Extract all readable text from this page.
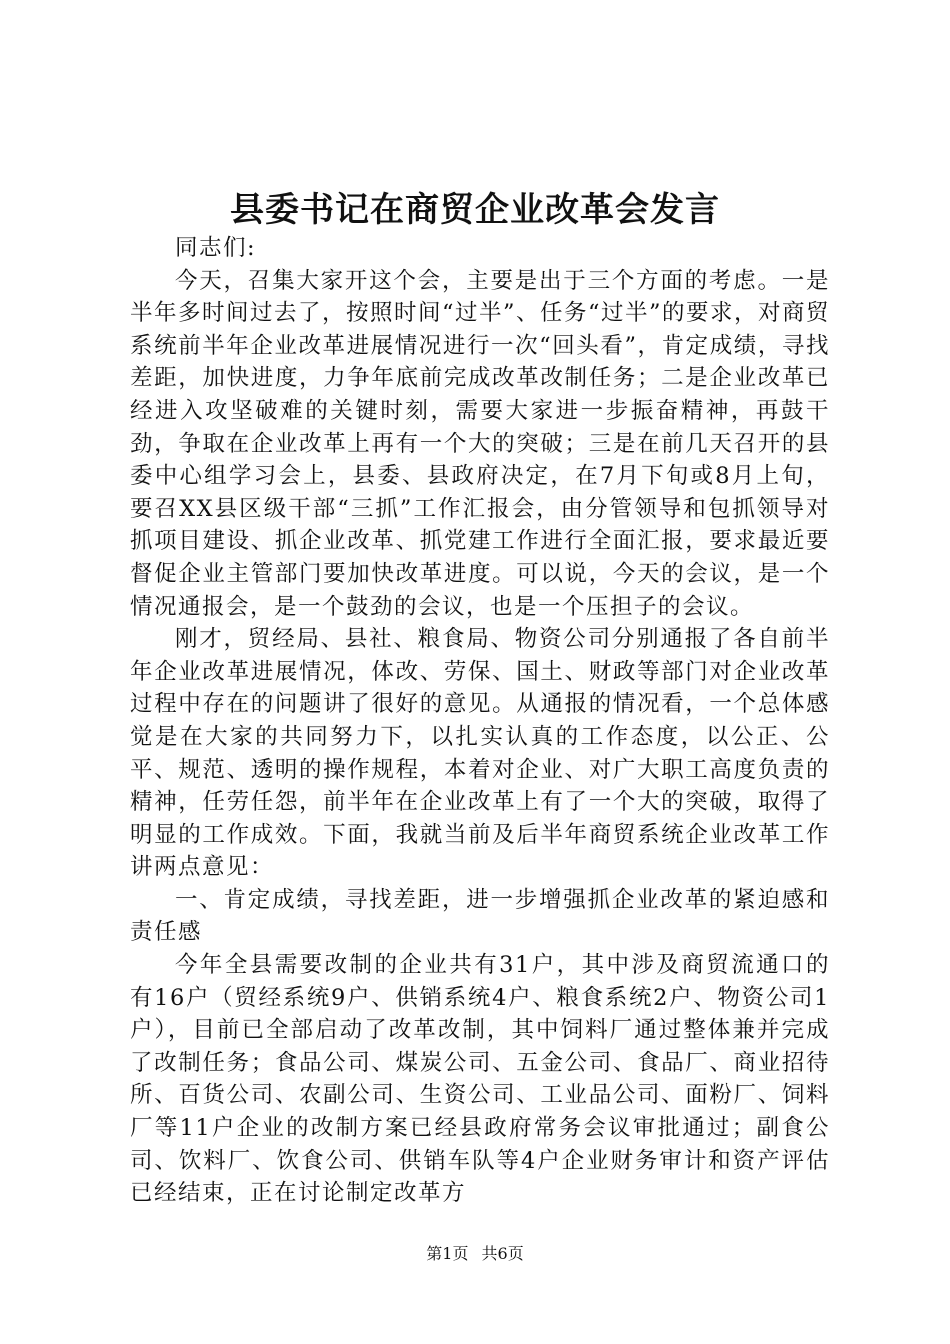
县委书记在商贸企业改革会发言

同志们:

今天，召集大家开这个会，主要是出于三个方面的考虑。一是半年多时间过去了，按照时间“过半”、任务“过半”的要求，对商贸系统前半年企业改革进展情况进行一次“回头看”，肯定成绩，寻找差距，加快进度，力争年底前完成改革改制任务；二是企业改革已经进入攻坚破难的关键时刻，需要大家进一步振奋精神，再鼓干劲，争取在企业改革上再有一个大的突破；三是在前几天召开的县委中心组学习会上，县委、县政府决定，在7月下旬或8月上旬，要召XX县区级干部“三抓”工作汇报会，由分管领导和包抓领导对抓项目建设、抓企业改革、抓党建工作进行全面汇报，要求最近要督促企业主管部门要加快改革进度。可以说，今天的会议，是一个情况通报会，是一个鼓劲的会议，也是一个压担子的会议。

刚才，贸经局、县社、粮食局、物资公司分别通报了各自前半年企业改革进展情况，体改、劳保、国土、财政等部门对企业改革过程中存在的问题讲了很好的意见。从通报的情况看，一个总体感觉是在大家的共同努力下，以扎实认真的工作态度，以公正、公平、规范、透明的操作规程，本着对企业、对广大职工高度负责的精神，任劳任怨，前半年在企业改革上有了一个大的突破，取得了明显的工作成效。下面，我就当前及后半年商贸系统企业改革工作讲两点意见：

一、肯定成绩，寻找差距，进一步增强抓企业改革的紧迫感和责任感

今年全县需要改制的企业共有31户，其中涉及商贸流通口的有16户（贸经系统9户、供销系统4户、粮食系统2户、物资公司1户），目前已全部启动了改革改制，其中饲料厂通过整体兼并完成了改制任务；食品公司、煤炭公司、五金公司、食品厂、商业招待所、百货公司、农副公司、生资公司、工业品公司、面粉厂、饲料厂等11户企业的改制方案已经县政府常务会议审批通过；副食公司、饮料厂、饮食公司、供销车队等4户企业财务审计和资产评估已经结束，正在讨论制定改革方

第1页 共6页
